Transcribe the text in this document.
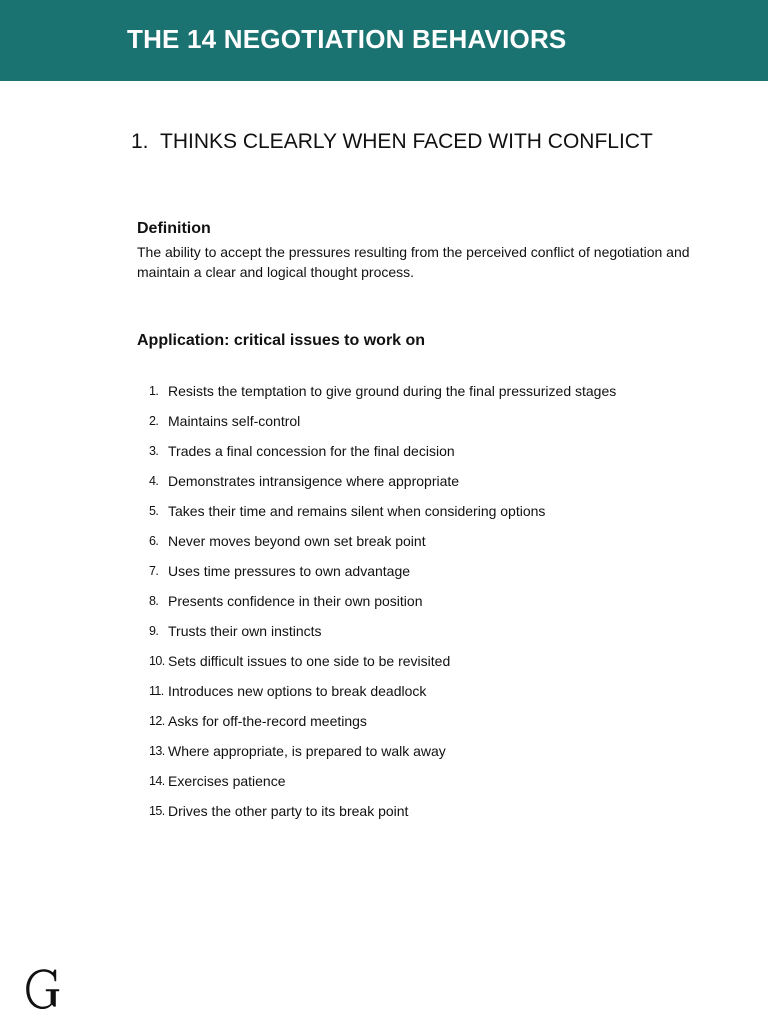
THE 14 NEGOTIATION BEHAVIORS
1. THINKS CLEARLY WHEN FACED WITH CONFLICT
Definition

The ability to accept the pressures resulting from the perceived conflict of negotiation and maintain a clear and logical thought process.

Application: critical issues to work on
1. Resists the temptation to give ground during the final pressurized stages
2. Maintains self-control
3. Trades a final concession for the final decision
4. Demonstrates intransigence where appropriate
5. Takes their time and remains silent when considering options
6. Never moves beyond own set break point
7. Uses time pressures to own advantage
8. Presents confidence in their own position
9. Trusts their own instincts
10. Sets difficult issues to one side to be revisited
11. Introduces new options to break deadlock
12. Asks for off-the-record meetings
13. Where appropriate, is prepared to walk away
14. Exercises patience
15. Drives the other party to its break point
